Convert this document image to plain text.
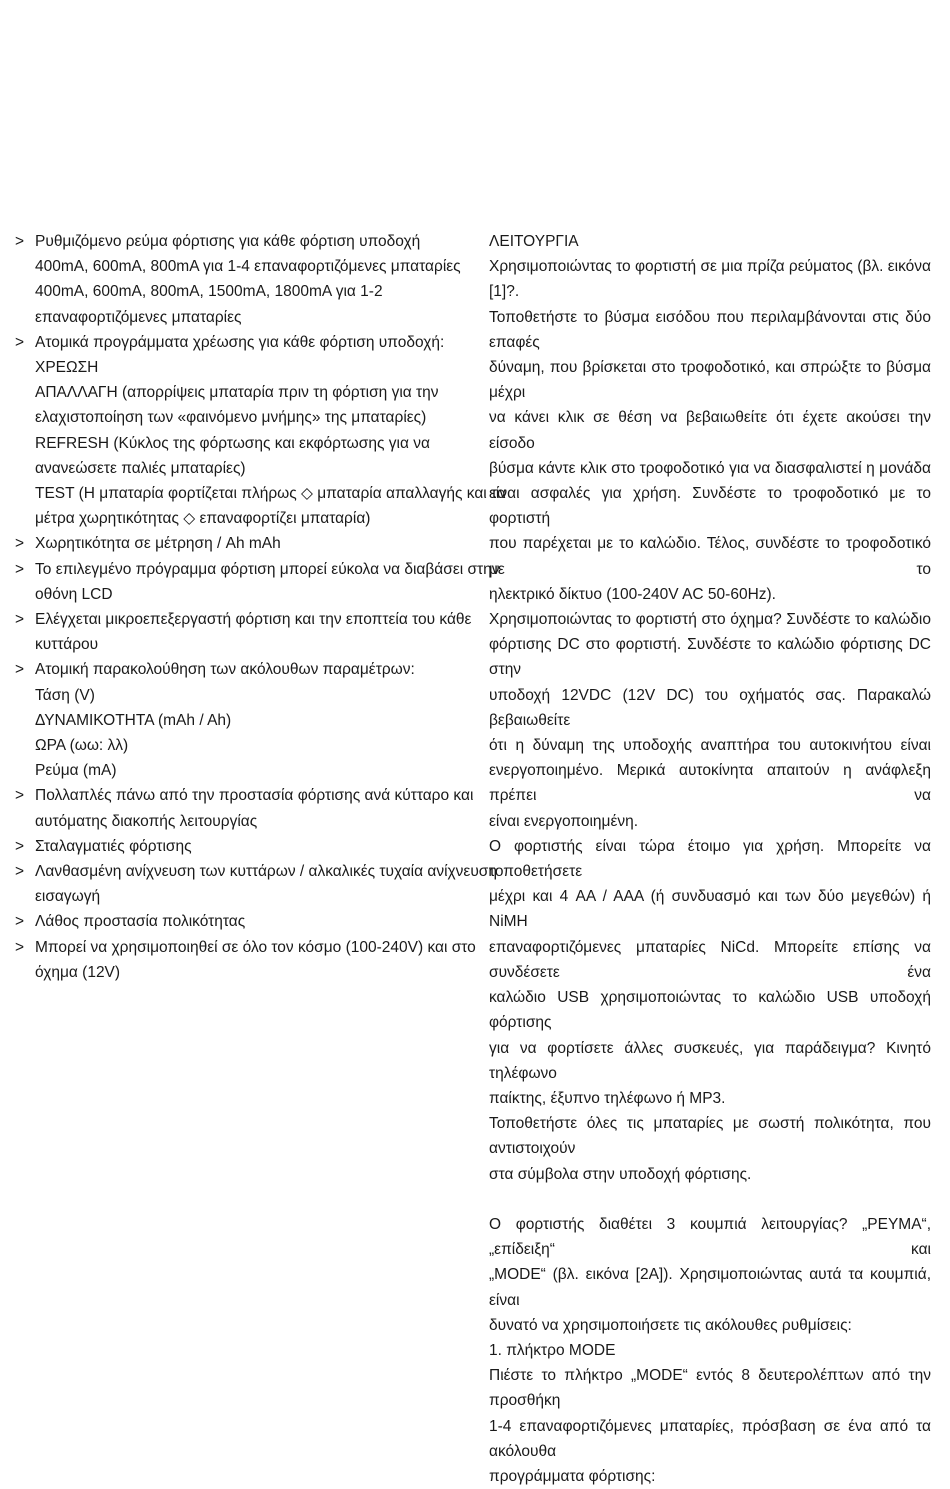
> Ρυθμιζόμενο ρεύμα φόρτισης για κάθε φόρτιση υποδοχή
400mA, 600mA, 800mA για 1-4 επαναφορτιζόμενες μπαταρίες
400mA, 600mA, 800mA, 1500mA, 1800mA για 1-2
επαναφορτιζόμενες μπαταρίες
> Ατομικά προγράμματα χρέωσης για κάθε φόρτιση υποδοχή:
ΧΡΕΩΣΗ
ΑΠΑΛΛΑΓΗ (απορρίψεις μπαταρία πριν τη φόρτιση για την
ελαχιστοποίηση των «φαινόμενο μνήμης» της μπαταρίες)
REFRESH (Κύκλος της φόρτωσης και εκφόρτωσης για να
ανανεώσετε παλιές μπαταρίες)
TEST (Η μπαταρία φορτίζεται πλήρως ◇ μπαταρία απαλλαγής και τα
μέτρα χωρητικότητας ◇ επαναφορτίζει μπαταρία)
> Χωρητικότητα σε μέτρηση / Ah mAh
> Το επιλεγμένο πρόγραμμα φόρτιση μπορεί εύκολα να διαβάσει στην
οθόνη LCD
> Ελέγχεται μικροεπεξεργαστή φόρτιση και την εποπτεία του κάθε
κυττάρου
> Ατομική παρακολούθηση των ακόλουθων παραμέτρων:
Τάση (V)
ΔΥΝΑΜΙΚΟΤΗΤΑ (mAh / Ah)
ΩΡΑ (ωω: λλ)
Ρεύμα (mA)
> Πολλαπλές πάνω από την προστασία φόρτισης ανά κύτταρο και
αυτόματης διακοπής λειτουργίας
> Σταλαγματιές φόρτισης
> Λανθασμένη ανίχνευση των κυττάρων / αλκαλικές τυχαία ανίχνευση
εισαγωγή
> Λάθος προστασία πολικότητας
> Μπορεί να χρησιμοποιηθεί σε όλο τον κόσμο (100-240V) και στο
όχημα (12V)
ΛΕΙΤΟΥΡΓΙΑ
Χρησιμοποιώντας το φορτιστή σε μια πρίζα ρεύματος (βλ. εικόνα [1]?.
Τοποθετήστε το βύσμα εισόδου που περιλαμβάνονται στις δύο επαφές
δύναμη, που βρίσκεται στο τροφοδοτικό, και σπρώξτε το βύσμα μέχρι
να κάνει κλικ σε θέση να βεβαιωθείτε ότι έχετε ακούσει την είσοδο
βύσμα κάντε κλικ στο τροφοδοτικό για να διασφαλιστεί η μονάδα
είναι ασφαλές για χρήση. Συνδέστε το τροφοδοτικό με το φορτιστή
που παρέχεται με το καλώδιο. Τέλος, συνδέστε το τροφοδοτικό με το
ηλεκτρικό δίκτυο (100-240V AC 50-60Hz).
Χρησιμοποιώντας το φορτιστή στο όχημα? Συνδέστε το καλώδιο
φόρτισης DC στο φορτιστή. Συνδέστε το καλώδιο φόρτισης DC στην
υποδοχή 12VDC (12V DC) του οχήματός σας. Παρακαλώ βεβαιωθείτε
ότι η δύναμη της υποδοχής αναπτήρα του αυτοκινήτου είναι
ενεργοποιημένο. Μερικά αυτοκίνητα απαιτούν η ανάφλεξη πρέπει να
είναι ενεργοποιημένη.
Ο φορτιστής είναι τώρα έτοιμο για χρήση. Μπορείτε να τοποθετήσετε
μέχρι και 4 AA / AAA (ή συνδυασμό και των δύο μεγεθών) ή NiMH
επαναφορτιζόμενες μπαταρίες NiCd. Μπορείτε επίσης να συνδέσετε ένα
καλώδιο USB χρησιμοποιώντας το καλώδιο USB υποδοχή φόρτισης
για να φορτίσετε άλλες συσκευές, για παράδειγμα? Κινητό τηλέφωνο
παίκτης, έξυπνο τηλέφωνο ή MP3.
Τοποθετήστε όλες τις μπαταρίες με σωστή πολικότητα, που αντιστοιχούν
στα σύμβολα στην υποδοχή φόρτισης.
Ο φορτιστής διαθέτει 3 κουμπιά λειτουργίας? „ΡΕΥΜΑ“, „επίδειξη“ και
„MODE“ (βλ. εικόνα [2A]). Χρησιμοποιώντας αυτά τα κουμπιά, είναι
δυνατό να χρησιμοποιήσετε τις ακόλουθες ρυθμίσεις:
1. πλήκτρο MODE
Πιέστε το πλήκτρο „MODE“ εντός 8 δευτερολέπτων από την προσθήκη
1-4 επαναφορτιζόμενες μπαταρίες, πρόσβαση σε ένα από τα ακόλουθα
προγράμματα φόρτισης:
